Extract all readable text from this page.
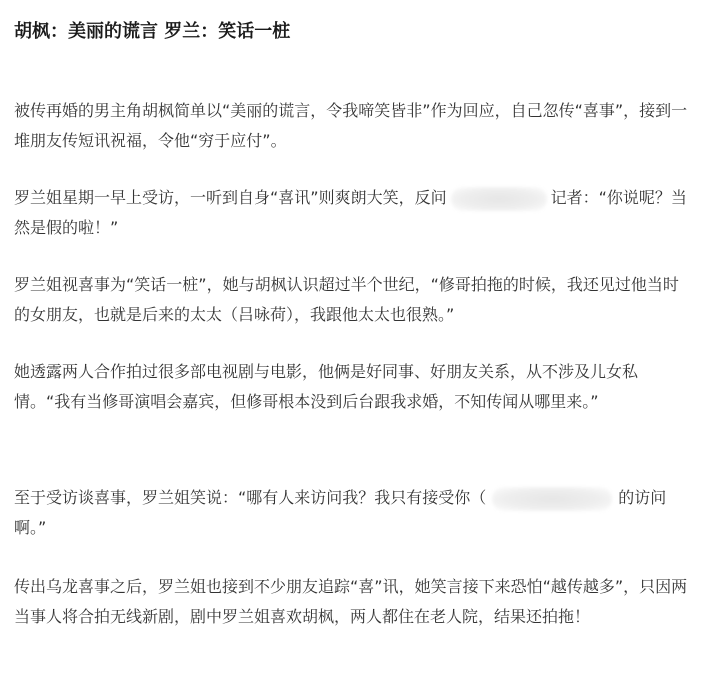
胡枫：美丽的谎言 罗兰：笑话一桩

被传再婚的男主角胡枫简单以“美丽的谎言，令我啼笑皆非”作为回应，自己忽传“喜事”，接到一堆朋友传短讯祝福，令他“穷于应付”。

罗兰姐星期一早上受访，一听到自身“喜讯”则爽朗大笑，反问	记者：“你说呢？当然是假的啦！”

罗兰姐视喜事为“笑话一桩”，她与胡枫认识超过半个世纪，“修哥拍拖的时候，我还见过他当时的女朋友，也就是后来的太太（吕咏荷），我跟他太太也很熟。”

她透露两人合作拍过很多部电视剧与电影，他俩是好同事、好朋友关系，从不涉及儿女私情。“我有当修哥演唱会嘉宾，但修哥根本没到后台跟我求婚，不知传闻从哪里来。”

至于受访谈喜事，罗兰姐笑说：“哪有人来访问我？我只有接受你（	的访问啊。”

传出乌龙喜事之后，罗兰姐也接到不少朋友追踪“喜”讯，她笑言接下来恐怕“越传越多”，只因两当事人将合拍无线新剧，剧中罗兰姐喜欢胡枫，两人都住在老人院，结果还拍拖！
